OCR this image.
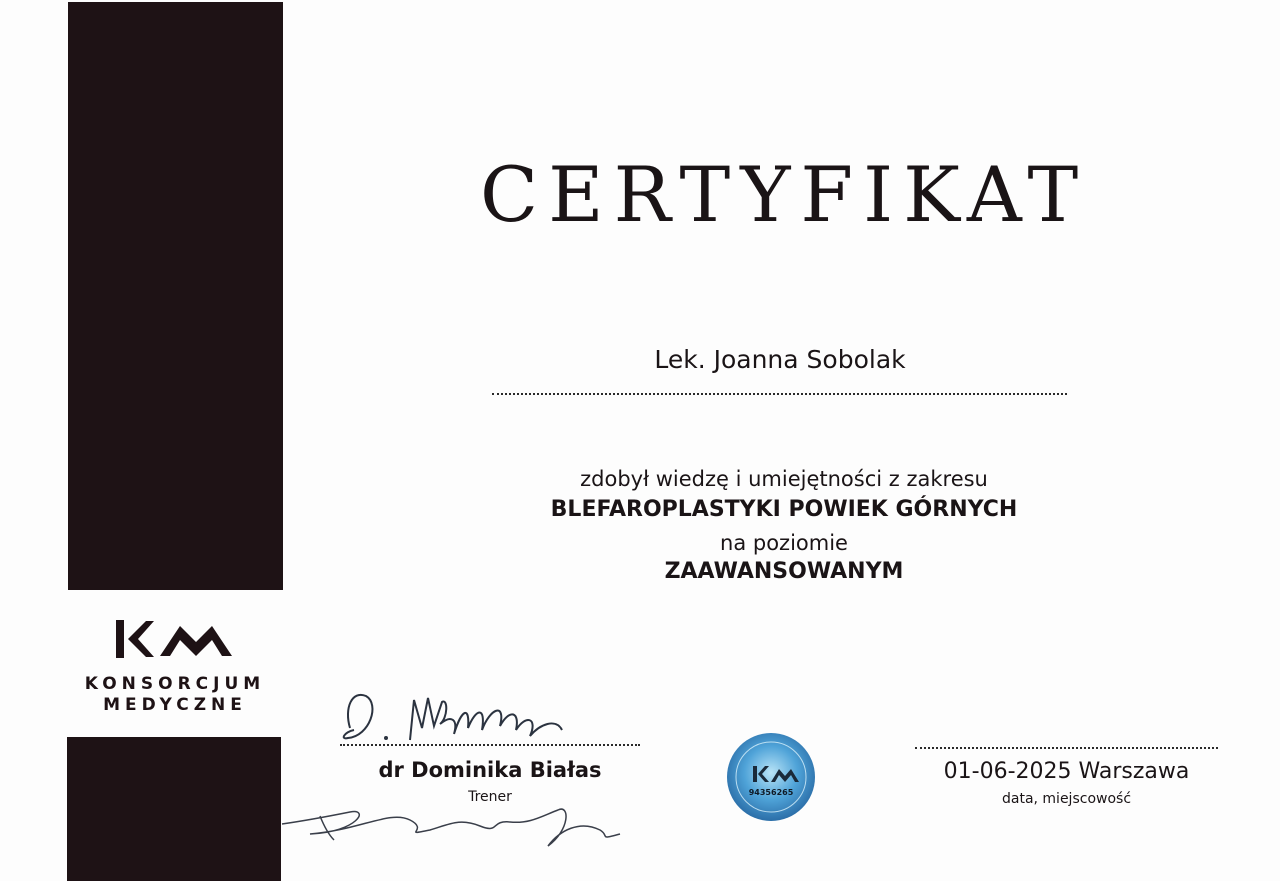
KONSORCJUM
MEDYCZNE
CERTYFIKAT
Lek. Joanna Sobolak
zdobył wiedzę i umiejętności z zakresu
BLEFAROPLASTYKI POWIEK GÓRNYCH
na poziomie
ZAAWANSOWANYM
dr Dominika Białas
Trener	94356265
01-06-2025 Warszawa
data, miejscowość
